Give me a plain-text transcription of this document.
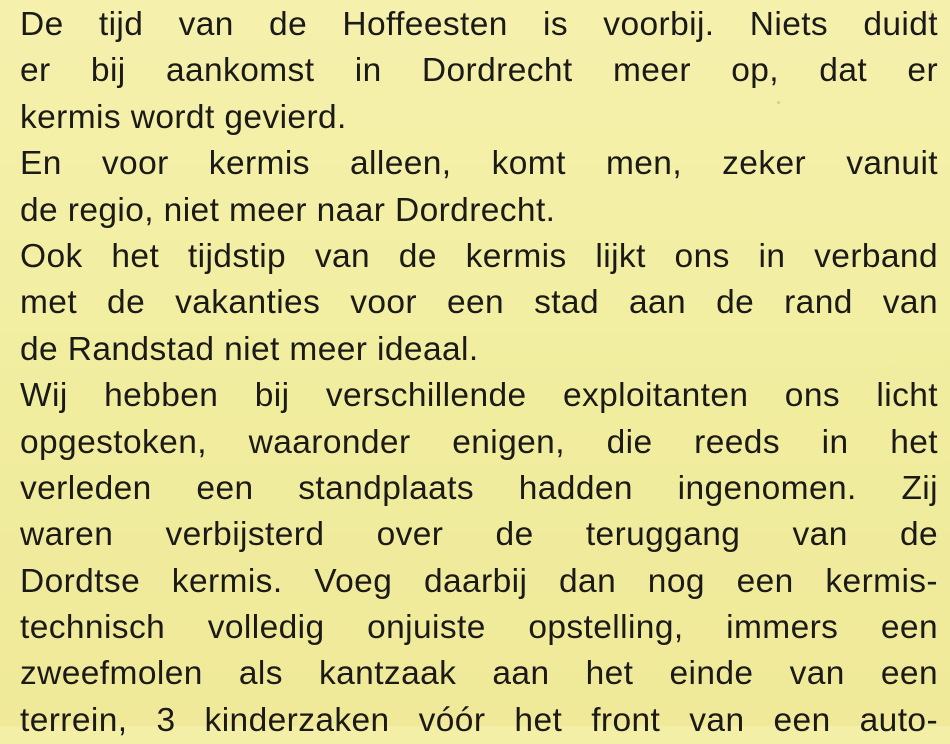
De tijd van de Hoffeesten is voorbij. Niets duidt
er bij aankomst in Dordrecht meer op, dat er
kermis wordt gevierd.
En voor kermis alleen, komt men, zeker vanuit
de regio, niet meer naar Dordrecht.
Ook het tijdstip van de kermis lijkt ons in verband
met de vakanties voor een stad aan de rand van
de Randstad niet meer ideaal.
Wij hebben bij verschillende exploitanten ons licht
opgestoken, waaronder enigen, die reeds in het
verleden een standplaats hadden ingenomen. Zij
waren verbijsterd over de teruggang van de
Dordtse kermis. Voeg daarbij dan nog een kermis-
technisch volledig onjuiste opstelling, immers een
zweefmolen als kantzaak aan het einde van een
terrein, 3 kinderzaken vóór het front van een auto-
